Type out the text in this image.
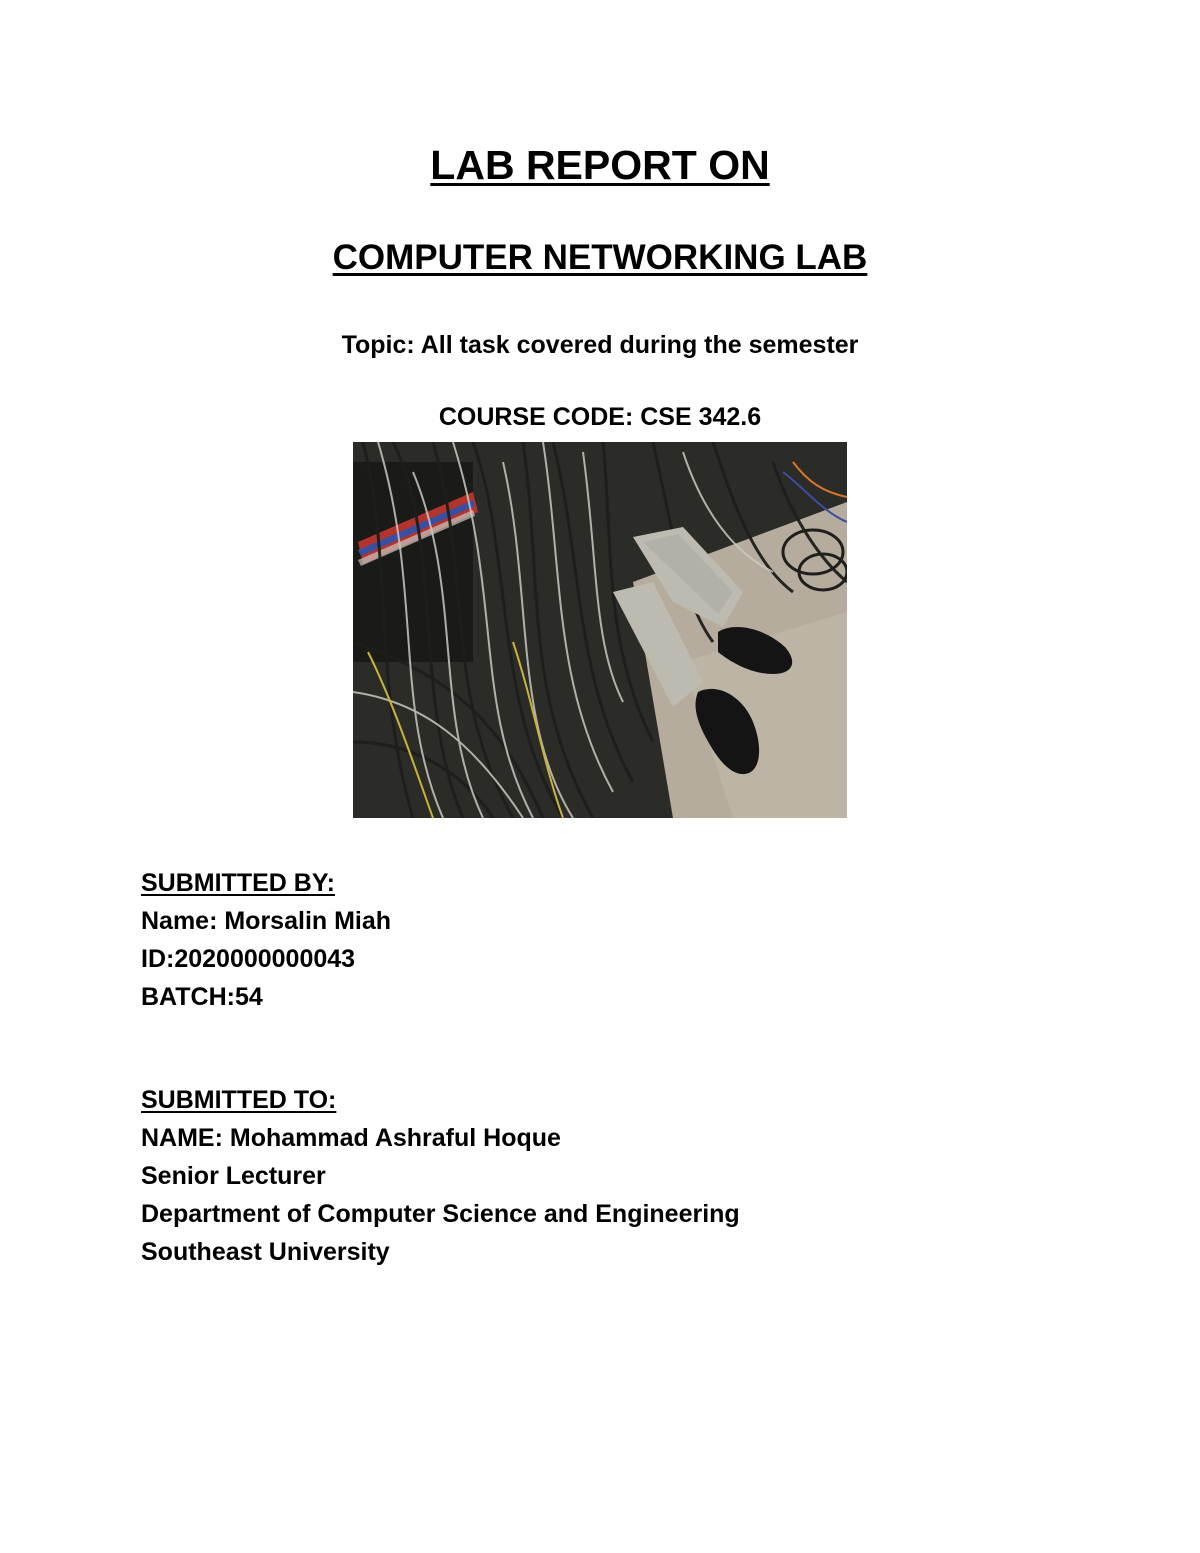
LAB REPORT ON
COMPUTER NETWORKING LAB
Topic: All task covered during the semester
COURSE CODE: CSE 342.6
SUBMITTED BY:
Name: Morsalin Miah
ID:2020000000043
BATCH:54
SUBMITTED TO:
NAME: Mohammad Ashraful Hoque
Senior Lecturer
Department of Computer Science and Engineering
Southeast University
